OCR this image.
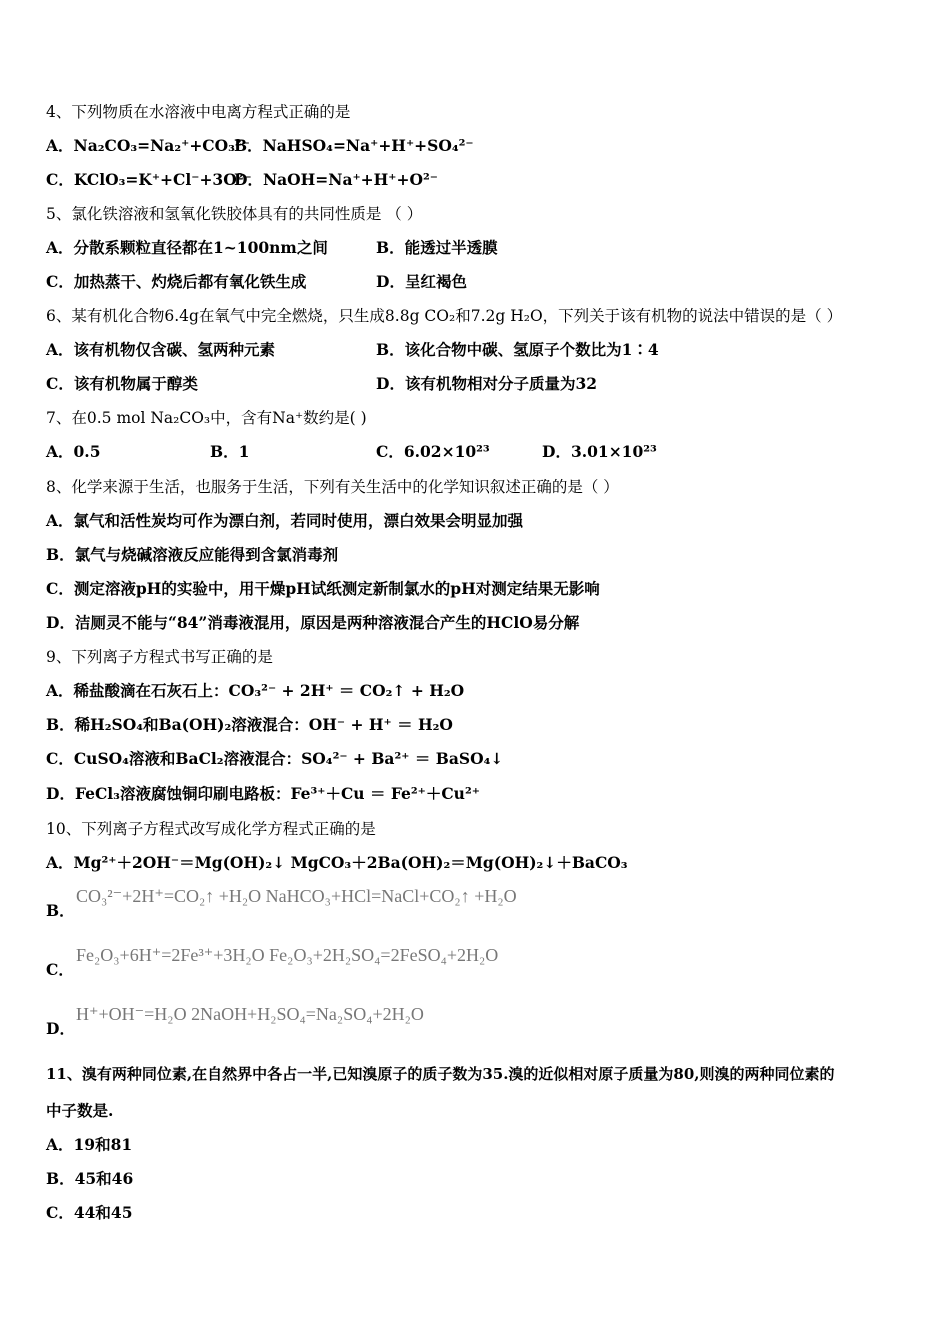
4、下列物质在水溶液中电离方程式正确的是
A．Na₂CO₃=Na₂⁺+CO₃²⁻
B．NaHSO₄=Na⁺+H⁺+SO₄²⁻
C．KClO₃=K⁺+Cl⁻+3O²⁻
D．NaOH=Na⁺+H⁺+O²⁻
5、氯化铁溶液和氢氧化铁胶体具有的共同性质是 （ ）
A．分散系颗粒直径都在1~100nm之间	B．能透过半透膜
C．加热蒸干、灼烧后都有氧化铁生成	D．呈红褐色
6、某有机化合物6.4g在氧气中完全燃烧，只生成8.8g CO₂和7.2g H₂O，下列关于该有机物的说法中错误的是（ ）
A．该有机物仅含碳、氢两种元素	B．该化合物中碳、氢原子个数比为1∶4
C．该有机物属于醇类	D．该有机物相对分子质量为32
7、在0.5 mol Na₂CO₃中，含有Na⁺数约是( )
A．0.5	B．1	C．6.02×10²³	D．3.01×10²³
8、化学来源于生活，也服务于生活，下列有关生活中的化学知识叙述正确的是（ ）
A．氯气和活性炭均可作为漂白剂，若同时使用，漂白效果会明显加强
B．氯气与烧碱溶液反应能得到含氯消毒剂
C．测定溶液pH的实验中，用干燥pH试纸测定新制氯水的pH对测定结果无影响
D．洁厕灵不能与“84”消毒液混用，原因是两种溶液混合产生的HClO易分解
9、下列离子方程式书写正确的是
A．稀盐酸滴在石灰石上：CO₃²⁻ + 2H⁺ ＝ CO₂↑ + H₂O
B．稀H₂SO₄和Ba(OH)₂溶液混合：OH⁻ + H⁺ ＝ H₂O
C．CuSO₄溶液和BaCl₂溶液混合：SO₄²⁻ + Ba²⁺ ＝ BaSO₄↓
D．FeCl₃溶液腐蚀铜印刷电路板：Fe³⁺＋Cu ＝ Fe²⁺＋Cu²⁺
10、下列离子方程式改写成化学方程式正确的是
A．Mg²⁺＋2OH⁻＝Mg(OH)₂↓ MgCO₃＋2Ba(OH)₂＝Mg(OH)₂↓＋BaCO₃
B．
CO₃²⁻+2H⁺=CO₂↑ +H₂O NaHCO₃+HCl=NaCl+CO₂↑ +H₂O
C．
Fe₂O₃+6H⁺=2Fe³⁺+3H₂O Fe₂O₃+2H₂SO₄=2FeSO₄+2H₂O
D．
H⁺+OH⁻=H₂O 2NaOH+H₂SO₄=Na₂SO₄+2H₂O
11、溴有两种同位素,在自然界中各占一半,已知溴原子的质子数为35.溴的近似相对原子质量为80,则溴的两种同位素的
中子数是.
A．19和81
B．45和46
C．44和45
